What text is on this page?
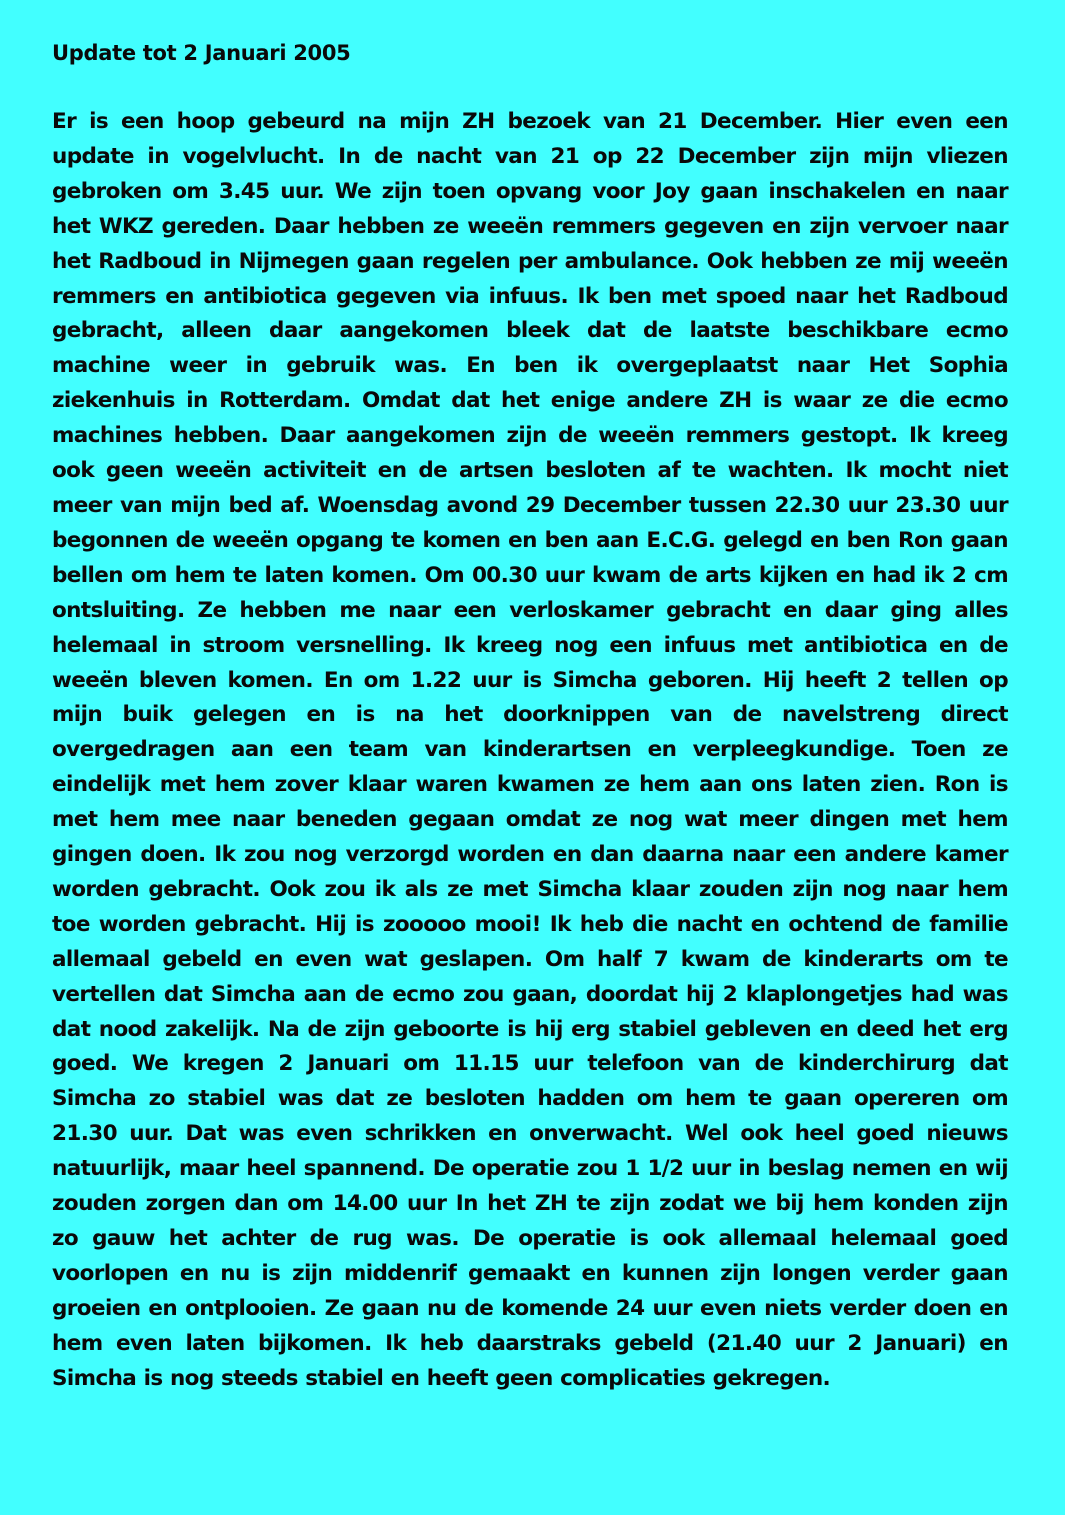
Update tot 2 Januari 2005

Er is een hoop gebeurd na mijn ZH bezoek van 21 December. Hier even een update in vogelvlucht. In de nacht van 21 op 22 December zijn mijn vliezen gebroken om 3.45 uur. We zijn toen opvang voor Joy gaan inschakelen en naar het WKZ gereden. Daar hebben ze weeën remmers gegeven en zijn vervoer naar het Radboud in Nijmegen gaan regelen per ambulance. Ook hebben ze mij weeën remmers en antibiotica gegeven via infuus. Ik ben met spoed naar het Radboud gebracht, alleen daar aangekomen bleek dat de laatste beschikbare ecmo machine weer in gebruik was. En ben ik overgeplaatst naar Het Sophia ziekenhuis in Rotterdam. Omdat dat het enige andere ZH is waar ze die ecmo machines hebben. Daar aangekomen zijn de weeën remmers gestopt. Ik kreeg ook geen weeën activiteit en de artsen besloten af te wachten. Ik mocht niet meer van mijn bed af. Woensdag avond 29 December tussen 22.30 uur 23.30 uur begonnen de weeën opgang te komen en ben aan E.C.G. gelegd en ben Ron gaan bellen om hem te laten komen. Om 00.30 uur kwam de arts kijken en had ik 2 cm ontsluiting. Ze hebben me naar een verloskamer gebracht en daar ging alles helemaal in stroom versnelling. Ik kreeg nog een infuus met antibiotica en de weeën bleven komen. En om 1.22 uur is Simcha geboren. Hij heeft 2 tellen op mijn buik gelegen en is na het doorknippen van de navelstreng direct overgedragen aan een team van kinderartsen en verpleegkundige. Toen ze eindelijk met hem zover klaar waren kwamen ze hem aan ons laten zien. Ron is met hem mee naar beneden gegaan omdat ze nog wat meer dingen met hem gingen doen. Ik zou nog verzorgd worden en dan daarna naar een andere kamer worden gebracht. Ook zou ik als ze met Simcha klaar zouden zijn nog naar hem toe worden gebracht. Hij is zooooo mooi! Ik heb die nacht en ochtend de familie allemaal gebeld en even wat geslapen. Om half 7 kwam de kinderarts om te vertellen dat Simcha aan de ecmo zou gaan, doordat hij 2 klaplongetjes had was dat nood zakelijk. Na de zijn geboorte is hij erg stabiel gebleven en deed het erg goed. We kregen 2 Januari om 11.15 uur telefoon van de kinderchirurg dat Simcha zo stabiel was dat ze besloten hadden om hem te gaan opereren om 21.30 uur. Dat was even schrikken en onverwacht. Wel ook heel goed nieuws natuurlijk, maar heel spannend. De operatie zou 1 1/2 uur in beslag nemen en wij zouden zorgen dan om 14.00 uur In het ZH te zijn zodat we bij hem konden zijn zo gauw het achter de rug was. De operatie is ook allemaal helemaal goed voorlopen en nu is zijn middenrif gemaakt en kunnen zijn longen verder gaan groeien en ontplooien. Ze gaan nu de komende 24 uur even niets verder doen en hem even laten bijkomen. Ik heb daarstraks gebeld (21.40 uur 2 Januari) en Simcha is nog steeds stabiel en heeft geen complicaties gekregen.
